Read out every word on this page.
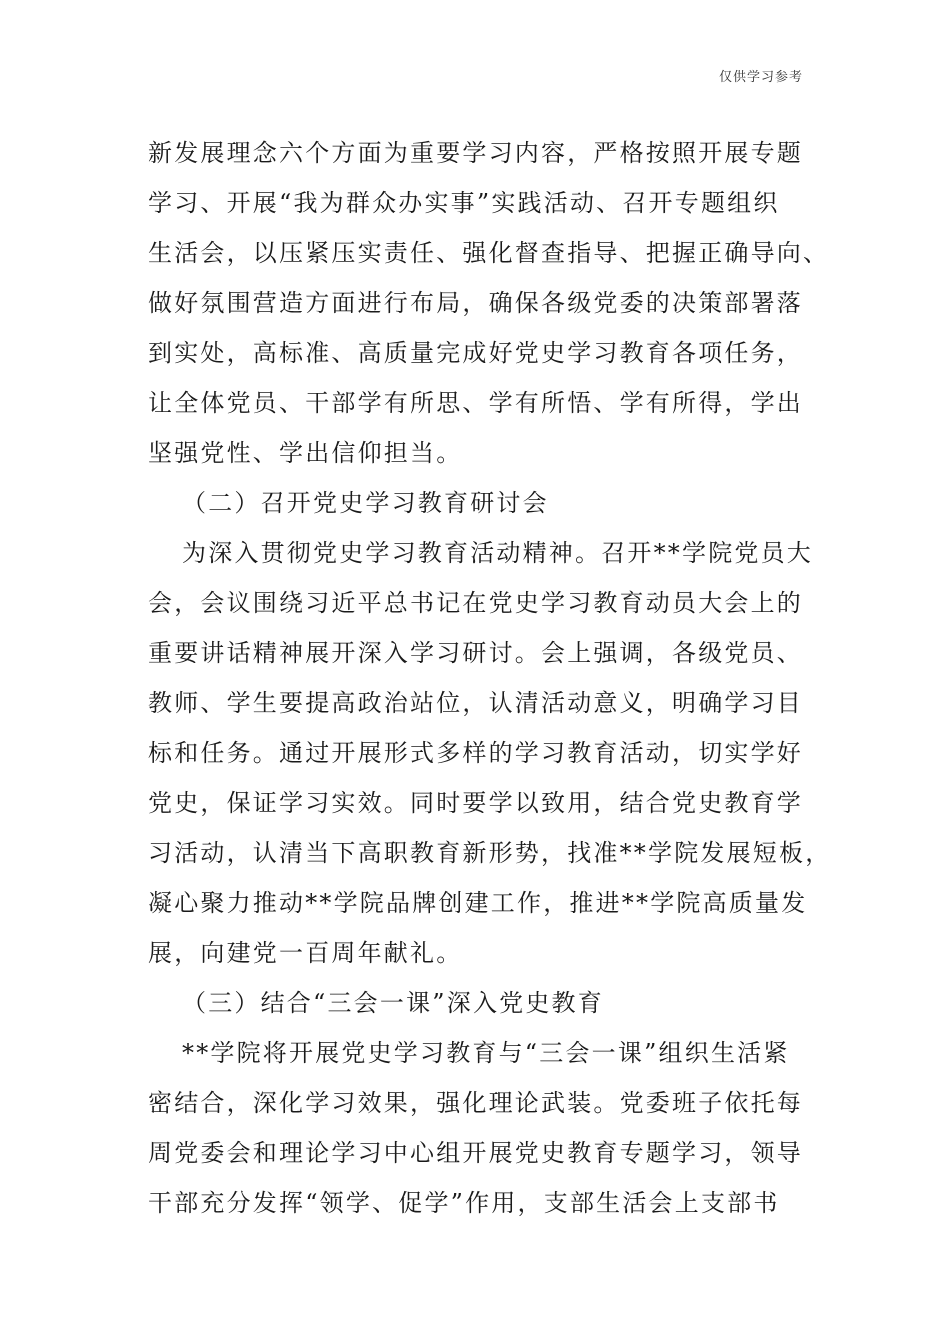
仅供学习参考
新发展理念六个方面为重要学习内容，严格按照开展专题
学习、开展“我为群众办实事”实践活动、召开专题组织
生活会，以压紧压实责任、强化督查指导、把握正确导向、
做好氛围营造方面进行布局，确保各级党委的决策部署落
到实处，高标准、高质量完成好党史学习教育各项任务，
让全体党员、干部学有所思、学有所悟、学有所得，学出
坚强党性、学出信仰担当。
（二）召开党史学习教育研讨会
为深入贯彻党史学习教育活动精神。召开**学院党员大
会，会议围绕习近平总书记在党史学习教育动员大会上的
重要讲话精神展开深入学习研讨。会上强调，各级党员、
教师、学生要提高政治站位，认清活动意义，明确学习目
标和任务。通过开展形式多样的学习教育活动，切实学好
党史，保证学习实效。同时要学以致用，结合党史教育学
习活动，认清当下高职教育新形势，找准**学院发展短板，
凝心聚力推动**学院品牌创建工作，推进**学院高质量发
展，向建党一百周年献礼。
（三）结合“三会一课”深入党史教育
**学院将开展党史学习教育与“三会一课”组织生活紧
密结合，深化学习效果，强化理论武装。党委班子依托每
周党委会和理论学习中心组开展党史教育专题学习，领导
干部充分发挥“领学、促学”作用，支部生活会上支部书
